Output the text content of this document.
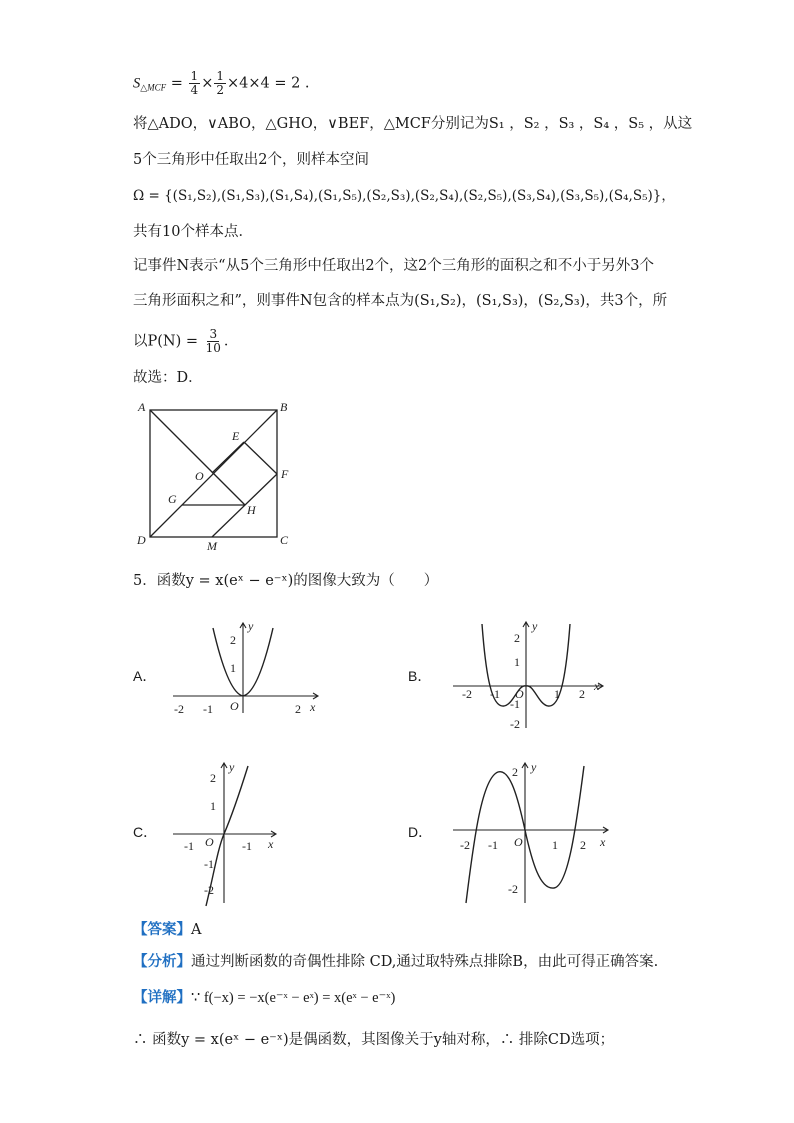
$S_{\triangle MCF} = \frac{1}{4} \times \frac{1}{2} \times 4\times 4 = 2$ .
将△ADO，∨ABO，△GHO，∨BEF，△MCF分别记为S₁ ，S₂ ，S₃ ，S₄ ，S₅ ，从这
5个三角形中任取出2个，则样本空间
Ω = {(S₁,S₂),(S₁,S₃),(S₁,S₄),(S₁,S₅),(S₂,S₃),(S₂,S₄),(S₂,S₅),(S₃,S₄),(S₃,S₅),(S₄,S₅)}，
共有10个样本点．
记事件N表示“从5个三角形中任取出2个，这2个三角形的面积之和不小于另外3个
三角形面积之和”，则事件N包含的样本点为(S₁,S₂)，(S₁,S₃)，(S₂,S₃)，共3个，所
以$P(N) = \frac{3}{10}$ ．
故选：D．
A	B
C
D
E
F
G
H
O
M
5．函数y = x(eˣ − e⁻ˣ)的图像大致为（　　）
A．
-2 -1 O	2
2
1
x
y
B．
-2 -1 O	1 2
2
1
-1
-2
x
y
C．
-1 O -1
2
1
-1
-2
x
y
D．
-2 -1 O 1 2
2
-2
x
y
【答案】A
【分析】通过判断函数的奇偶性排除 CD,通过取特殊点排除B，由此可得正确答案.
【详解】∵ f(−x) = −x(e⁻ˣ − eˣ) = x(eˣ − e⁻ˣ)
∴ 函数y = x(eˣ − e⁻ˣ)是偶函数，其图像关于y轴对称，∴ 排除CD选项；
